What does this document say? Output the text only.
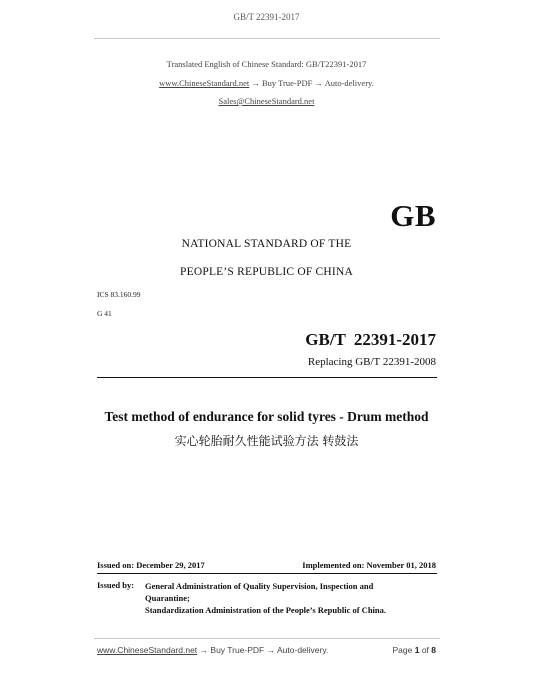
GB/T 22391-2017
Translated English of Chinese Standard: GB/T22391-2017
www.ChineseStandard.net → Buy True-PDF → Auto-delivery.
Sales@ChineseStandard.net
GB
NATIONAL STANDARD OF THE
PEOPLE’S REPUBLIC OF CHINA
ICS 83.160.99
G 41
GB/T 22391-2017
Replacing GB/T 22391-2008
Test method of endurance for solid tyres - Drum method
实心轮胎耐久性能试验方法 转鼓法
Issued on: December 29, 2017	Implemented on: November 01, 2018
Issued by: General Administration of Quality Supervision, Inspection and
Quarantine;
Standardization Administration of the People’s Republic of China.
www.ChineseStandard.net → Buy True-PDF → Auto-delivery.	Page 1 of 8
